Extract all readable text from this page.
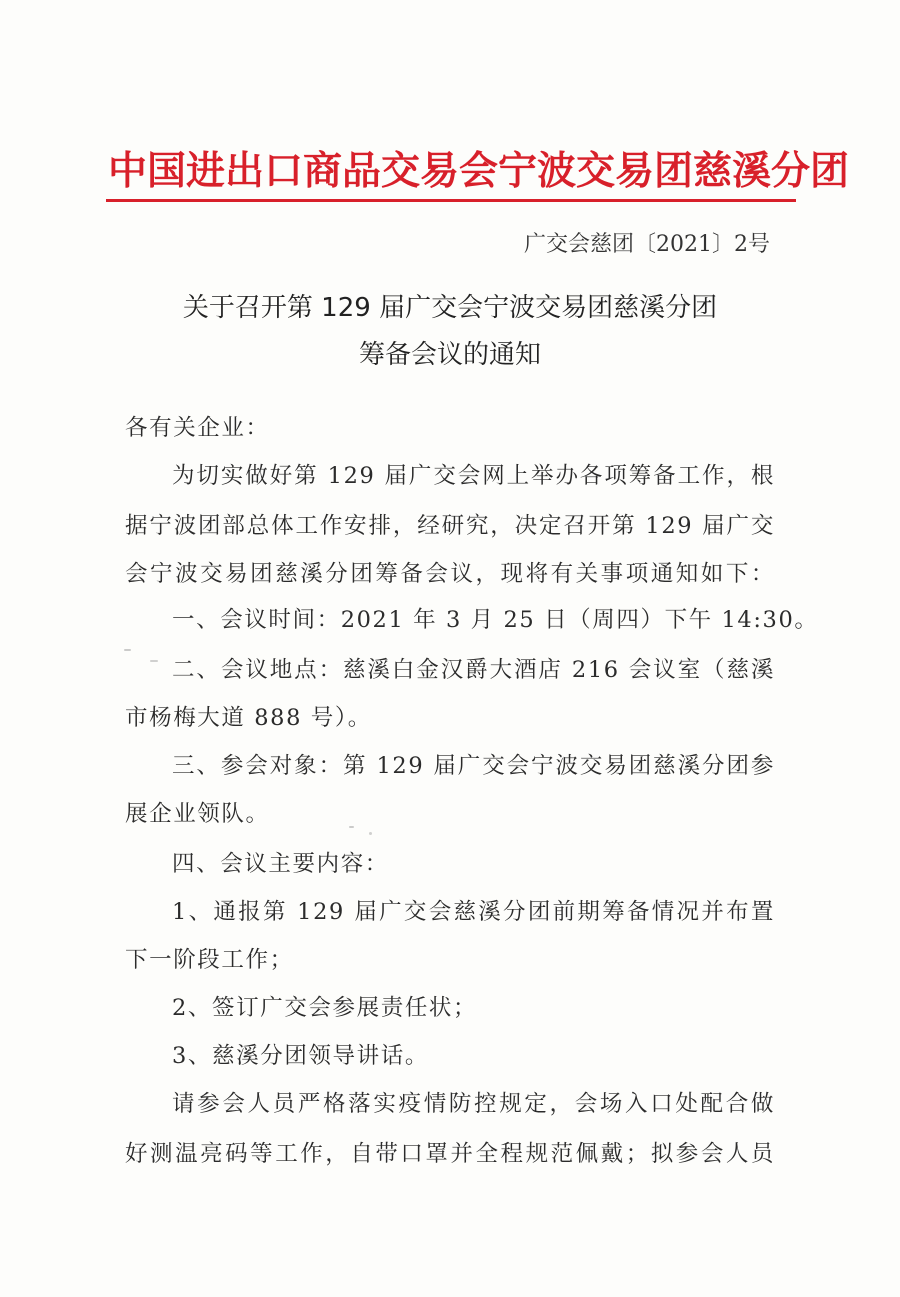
中国进出口商品交易会宁波交易团慈溪分团
广交会慈团〔2021〕2号
关于召开第 129 届广交会宁波交易团慈溪分团
筹备会议的通知
各有关企业：
为切实做好第 129 届广交会网上举办各项筹备工作，根
据宁波团部总体工作安排，经研究，决定召开第 129 届广交
会宁波交易团慈溪分团筹备会议，现将有关事项通知如下：
一、会议时间：2021 年 3 月 25 日（周四）下午 14:30。
二、会议地点：慈溪白金汉爵大酒店 216 会议室（慈溪
市杨梅大道 888 号）。
三、参会对象：第 129 届广交会宁波交易团慈溪分团参
展企业领队。
四、会议主要内容：
1、通报第 129 届广交会慈溪分团前期筹备情况并布置
下一阶段工作；
2、签订广交会参展责任状；
3、慈溪分团领导讲话。
请参会人员严格落实疫情防控规定，会场入口处配合做
好测温亮码等工作，自带口罩并全程规范佩戴；拟参会人员
